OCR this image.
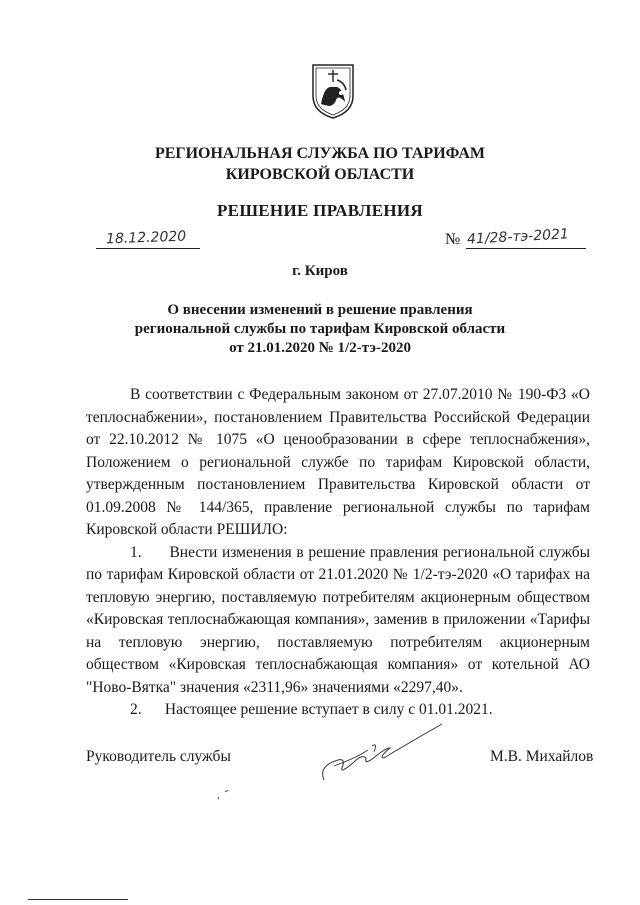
РЕГИОНАЛЬНАЯ СЛУЖБА ПО ТАРИФАМ
КИРОВСКОЙ ОБЛАСТИ
РЕШЕНИЕ ПРАВЛЕНИЯ
18.12.2020	№ 41/28-тэ-2021
г. Киров
О внесении изменений в решение правления
региональной службы по тарифам Кировской области
от 21.01.2020 № 1/2-тэ-2020

В соответствии с Федеральным законом от 27.07.2010 № 190-ФЗ «О теплоснабжении», постановлением Правительства Российской Федерации от 22.10.2012 № 1075 «О ценообразовании в сфере теплоснабжения», Положением о региональной службе по тарифам Кировской области, утвержденным постановлением Правительства Кировской области от 01.09.2008 № 144/365, правление региональной службы по тарифам Кировской области РЕШИЛО:

1. Внести изменения в решение правления региональной службы по тарифам Кировской области от 21.01.2020 № 1/2-тэ-2020 «О тарифах на тепловую энергию, поставляемую потребителям акционерным обществом «Кировская теплоснабжающая компания», заменив в приложении «Тарифы на тепловую энергию, поставляемую потребителям акционерным обществом «Кировская теплоснабжающая компания» от котельной АО "Ново-Вятка" значения «2311,96» значениями «2297,40».

2. Настоящее решение вступает в силу с 01.01.2021.

Руководитель службы	М.В. Михайлов
